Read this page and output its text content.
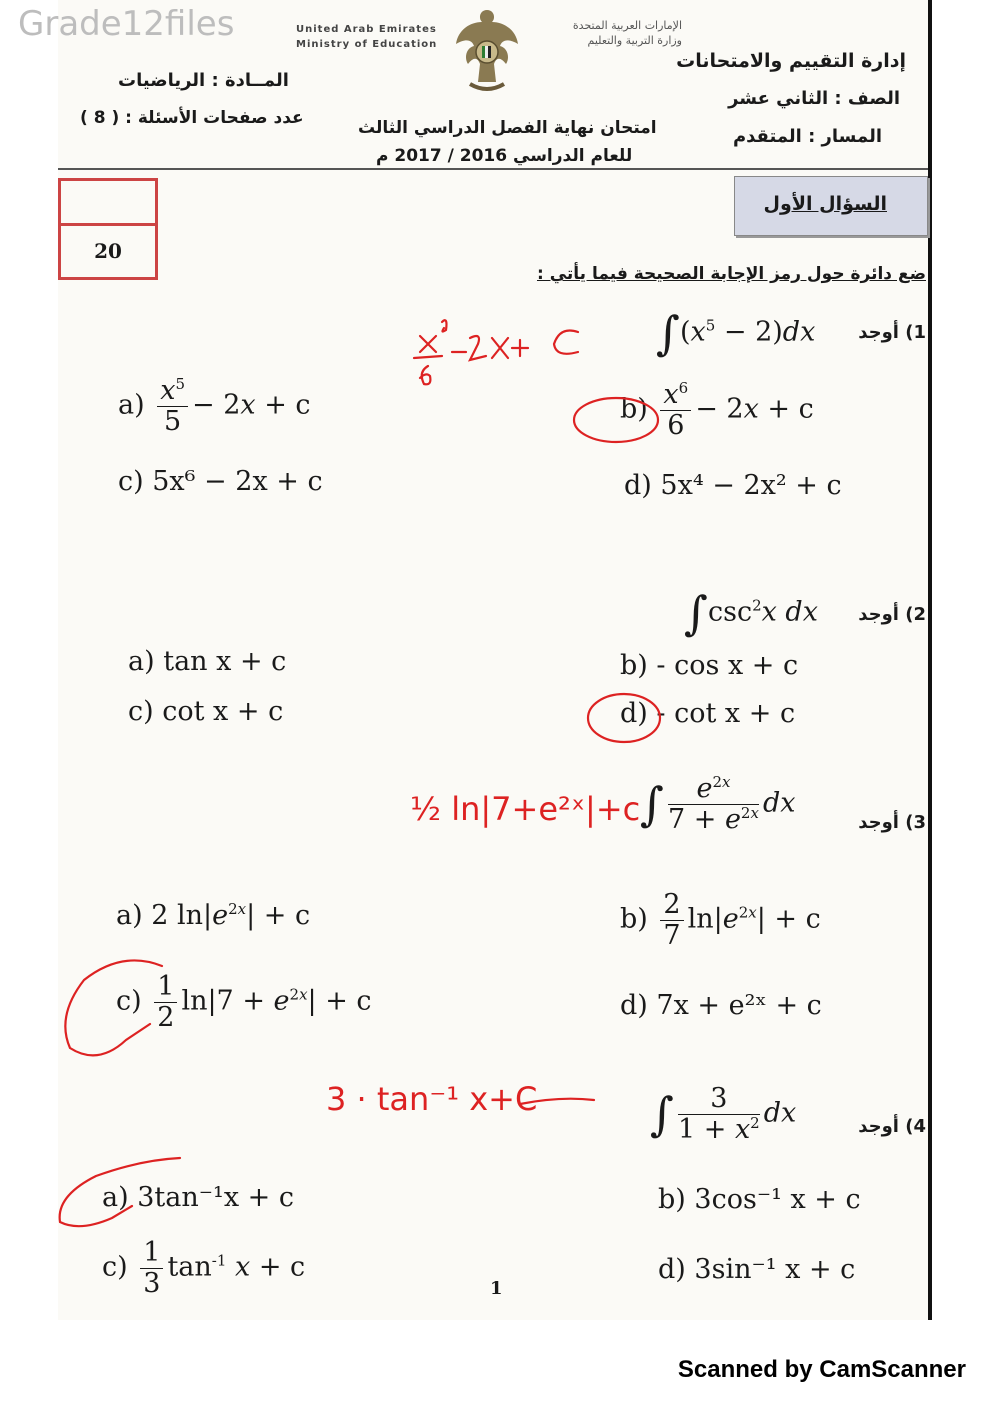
Grade12files	United Arab Emirates
Ministry of Education
الإمارات العربية المتحدة
وزارة التربية والتعليم
إدارة التقييم والامتحانات
الصف : الثاني عشر
المسار : المتقدم
المــادة : الرياضيات
عدد صفحات الأسئلة : ( 8 )	امتحان نهاية الفصل الدراسي الثالث
للعام الدراسي 2016 / 2017 م
20
السؤال الأول
ضع دائرة حول رمز الإجابة الصحيحة فيما يأتي :
1) أوجد
$\int(x^5 - 2)dx$
$a) \frac{x^5}{5} - 2x + c$	$b) \frac{x^6}{6} - 2x + c$
c) 5x⁶ − 2x + c	d) 5x⁴ − 2x² + c
2) أوجد
$\int\csc^2x$ dx
a) tan x + c	b) - cos x + c
c) cot x + c	d) - cot x + c
3) أوجد
∫ $\frac{e^{2x}}{7 + e^{2x}}$ dx
a) 2 $\ln|e^{2x}| + c$	$b) \frac{2}{7} \ln|e^{2x}| + c$
$c) \frac{1}{2} \ln|7 + e^{2x}| + c$	d) 7x + e²ˣ + c
4) أوجد
∫ $\frac{3}{1 + x^2}$ dx
a) 3tan⁻¹x + c	b) 3cos⁻¹ x + c
$c) \frac{1}{3} \tan^{-1} x + c$	d) 3sin⁻¹ x + c
½ ln|7+e²ˣ|+c
3 · tan⁻¹ x+C
1
Scanned by CamScanner
